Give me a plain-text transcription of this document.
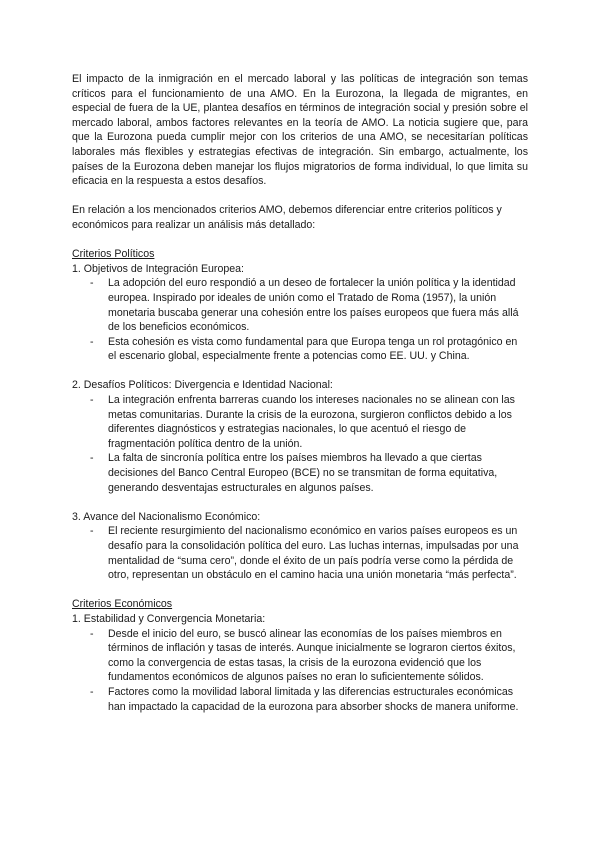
El impacto de la inmigración en el mercado laboral y las políticas de integración son temas críticos para el funcionamiento de una AMO. En la Eurozona, la llegada de migrantes, en especial de fuera de la UE, plantea desafíos en términos de integración social y presión sobre el mercado laboral, ambos factores relevantes en la teoría de AMO. La noticia sugiere que, para que la Eurozona pueda cumplir mejor con los criterios de una AMO, se necesitarían políticas laborales más flexibles y estrategias efectivas de integración. Sin embargo, actualmente, los países de la Eurozona deben manejar los flujos migratorios de forma individual, lo que limita su eficacia en la respuesta a estos desafíos.

En relación a los mencionados criterios AMO, debemos diferenciar entre criterios políticos y económicos para realizar un análisis más detallado:

Criterios Políticos

1. Objetivos de Integración Europea:

- La adopción del euro respondió a un deseo de fortalecer la unión política y la identidad europea. Inspirado por ideales de unión como el Tratado de Roma (1957), la unión monetaria buscaba generar una cohesión entre los países europeos que fuera más allá de los beneficios económicos.
- Esta cohesión es vista como fundamental para que Europa tenga un rol protagónico en el escenario global, especialmente frente a potencias como EE. UU. y China.

2. Desafíos Políticos: Divergencia e Identidad Nacional:

- La integración enfrenta barreras cuando los intereses nacionales no se alinean con las metas comunitarias. Durante la crisis de la eurozona, surgieron conflictos debido a los diferentes diagnósticos y estrategias nacionales, lo que acentuó el riesgo de fragmentación política dentro de la unión.
- La falta de sincronía política entre los países miembros ha llevado a que ciertas decisiones del Banco Central Europeo (BCE) no se transmitan de forma equitativa, generando desventajas estructurales en algunos países.

3. Avance del Nacionalismo Económico:

- El reciente resurgimiento del nacionalismo económico en varios países europeos es un desafío para la consolidación política del euro. Las luchas internas, impulsadas por una mentalidad de “suma cero”, donde el éxito de un país podría verse como la pérdida de otro, representan un obstáculo en el camino hacia una unión monetaria “más perfecta”.

Criterios Económicos

1. Estabilidad y Convergencia Monetaria:

- Desde el inicio del euro, se buscó alinear las economías de los países miembros en términos de inflación y tasas de interés. Aunque inicialmente se lograron ciertos éxitos, como la convergencia de estas tasas, la crisis de la eurozona evidenció que los fundamentos económicos de algunos países no eran lo suficientemente sólidos.
- Factores como la movilidad laboral limitada y las diferencias estructurales económicas han impactado la capacidad de la eurozona para absorber shocks de manera uniforme.
